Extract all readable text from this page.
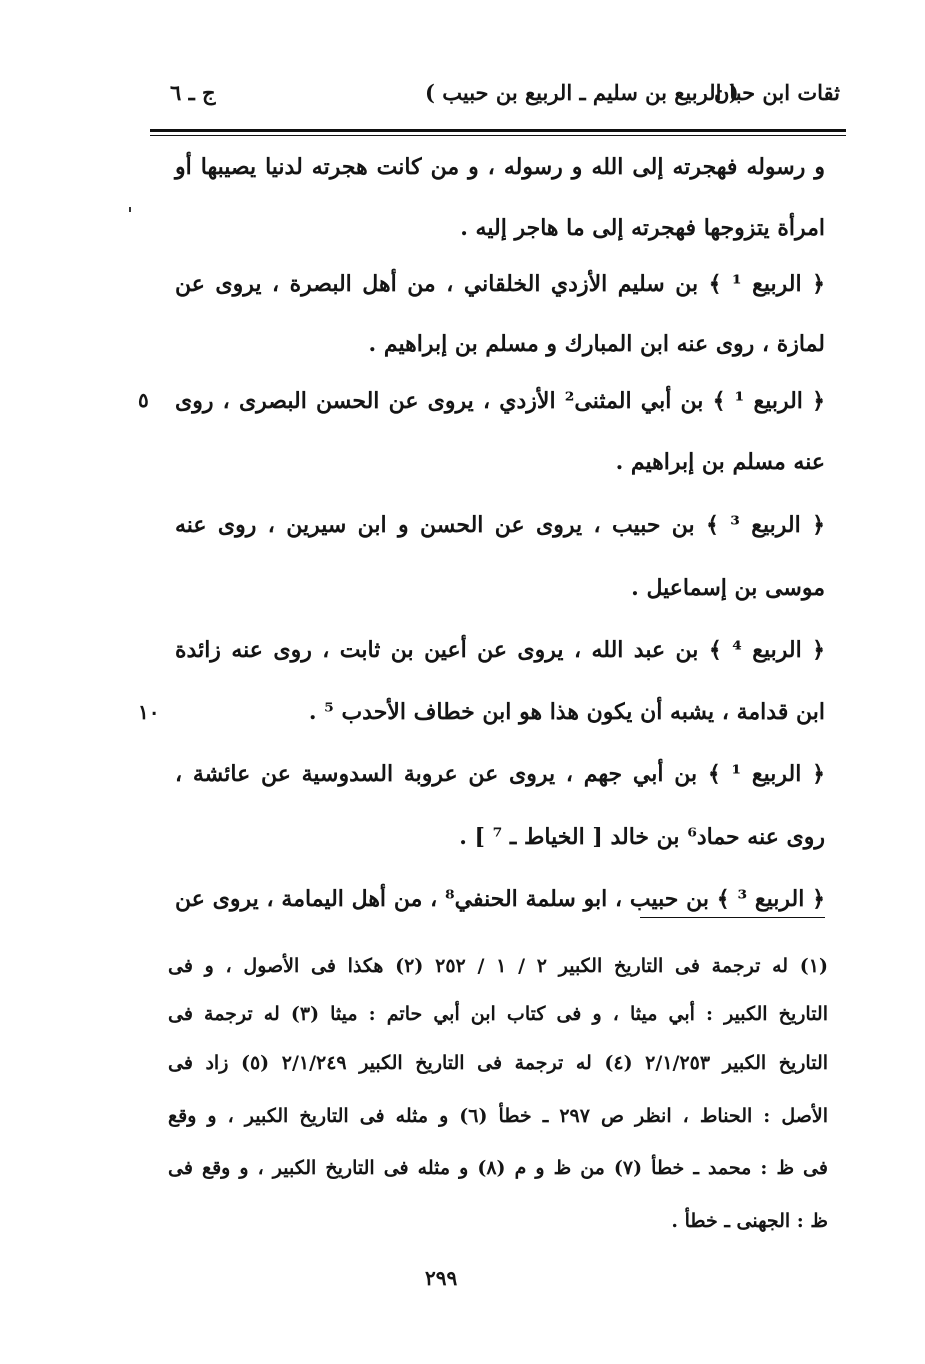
ثقات ابن حبان
( الربيع بن سليم ـ الربيع بن حبيب )
ج ـ ٦
و رسوله فهجرته إلى الله و رسوله ، و من كانت هجرته لدنيا يصيبها أو
امرأة يتزوجها فهجرته إلى ما هاجر إليه .
﴿ الربيع ¹ ﴾ بن سليم الأزدي الخلقاني ، من أهل البصرة ، يروى عن
لمازة ، روى عنه ابن المبارك و مسلم بن إبراهيم .
﴿ الربيع ¹ ﴾ بن أبي المثنى² الأزدي ، يروى عن الحسن البصرى ، روى
٥
عنه مسلم بن إبراهيم .
﴿ الربيع ³ ﴾ بن حبيب ، يروى عن الحسن و ابن سيرين ، روى عنه
موسى بن إسماعيل .
﴿ الربيع ⁴ ﴾ بن عبد الله ، يروى عن أعين بن ثابت ، روى عنه زائدة
ابن قدامة ، يشبه أن يكون هذا هو ابن خطاف الأحدب ⁵ .
١٠
﴿ الربيع ¹ ﴾ بن أبي جهم ، يروى عن عروبة السدوسية عن عائشة ،
روى عنه حماد⁶ بن خالد [ الخياط ـ ⁷ ] .
﴿ الربيع ³ ﴾ بن حبيب ، ابو سلمة الحنفي⁸ ، من أهل اليمامة ، يروى عن
(١) له ترجمة فى التاريخ الكبير ٢ / ١ / ٢٥٢ (٢) هكذا فى الأصول ، و فى
التاريخ الكبير : أبي ميثا ، و فى كتاب ابن أبي حاتم : ميثا (٣) له ترجمة فى
التاريخ الكبير ٢/١/٢٥٣ (٤) له ترجمة فى التاريخ الكبير ٢/١/٢٤٩ (٥) زاد فى
الأصل : الحناط ، انظر ص ٢٩٧ ـ خطأ (٦) و مثله فى التاريخ الكبير ، و وقع
فى ظ : محمد ـ خطأ (٧) من ظ و م (٨) و مثله فى التاريخ الكبير ، و وقع فى
ظ : الجهنى ـ خطأ .
٢٩٩
